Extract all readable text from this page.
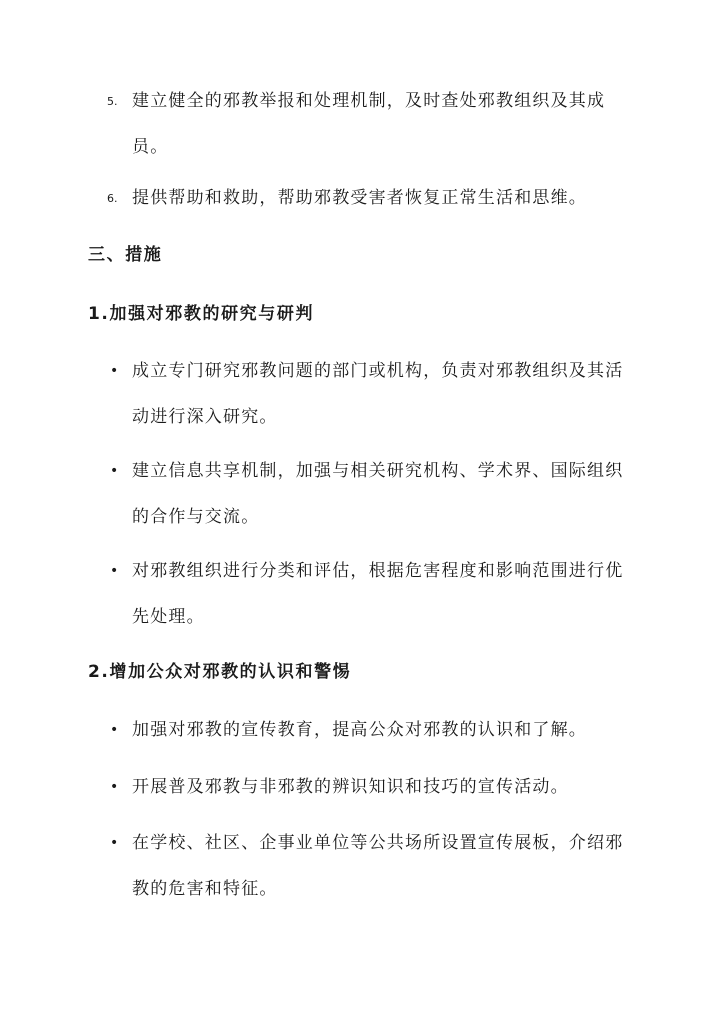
5. 建立健全的邪教举报和处理机制，及时查处邪教组织及其成员。
6. 提供帮助和救助，帮助邪教受害者恢复正常生活和思维。
三、措施
1.加强对邪教的研究与研判
• 成立专门研究邪教问题的部门或机构，负责对邪教组织及其活动进行深入研究。
• 建立信息共享机制，加强与相关研究机构、学术界、国际组织的合作与交流。
• 对邪教组织进行分类和评估，根据危害程度和影响范围进行优先处理。
2.增加公众对邪教的认识和警惕
• 加强对邪教的宣传教育，提高公众对邪教的认识和了解。
• 开展普及邪教与非邪教的辨识知识和技巧的宣传活动。
• 在学校、社区、企事业单位等公共场所设置宣传展板，介绍邪教的危害和特征。
